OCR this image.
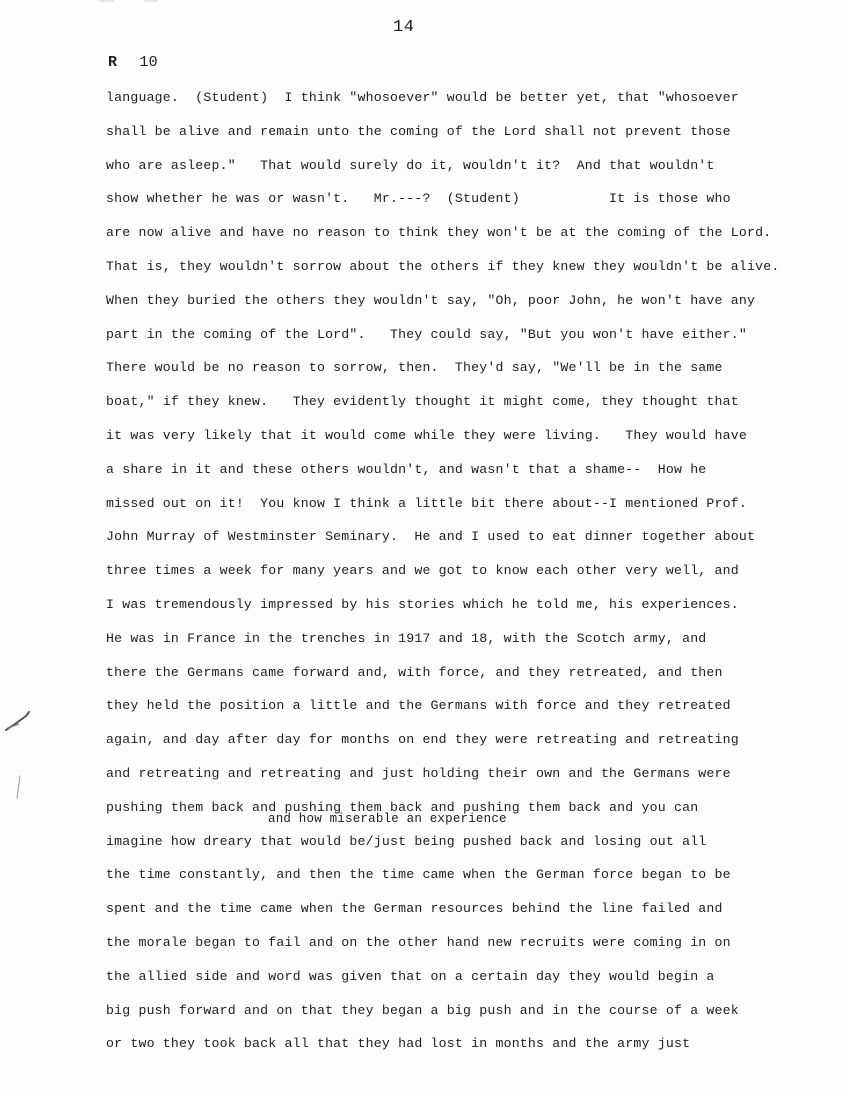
14
R 10
and how miserable an experience
language.  (Student)  I think "whosoever" would be better yet, that "whosoever
shall be alive and remain unto the coming of the Lord shall not prevent those
who are asleep."   That would surely do it, wouldn't it?  And that wouldn't
show whether he was or wasn't.   Mr.---?  (Student)           It is those who
are now alive and have no reason to think they won't be at the coming of the Lord.
That is, they wouldn't sorrow about the others if they knew they wouldn't be alive.
When they buried the others they wouldn't say, "Oh, poor John, he won't have any
part in the coming of the Lord".   They could say, "But you won't have either."
There would be no reason to sorrow, then.  They'd say, "We'll be in the same
boat," if they knew.   They evidently thought it might come, they thought that
it was very likely that it would come while they were living.   They would have
a share in it and these others wouldn't, and wasn't that a shame--  How he
missed out on it!  You know I think a little bit there about--I mentioned Prof.
John Murray of Westminster Seminary.  He and I used to eat dinner together about
three times a week for many years and we got to know each other very well, and
I was tremendously impressed by his stories which he told me, his experiences.
He was in France in the trenches in 1917 and 18, with the Scotch army, and
there the Germans came forward and, with force, and they retreated, and then
they held the position a little and the Germans with force and they retreated
again, and day after day for months on end they were retreating and retreating
and retreating and retreating and just holding their own and the Germans were
pushing them back and pushing them back and pushing them back and you can
imagine how dreary that would be/just being pushed back and losing out all
the time constantly, and then the time came when the German force began to be
spent and the time came when the German resources behind the line failed and
the morale began to fail and on the other hand new recruits were coming in on
the allied side and word was given that on a certain day they would begin a
big push forward and on that they began a big push and in the course of a week
or two they took back all that they had lost in months and the army just
